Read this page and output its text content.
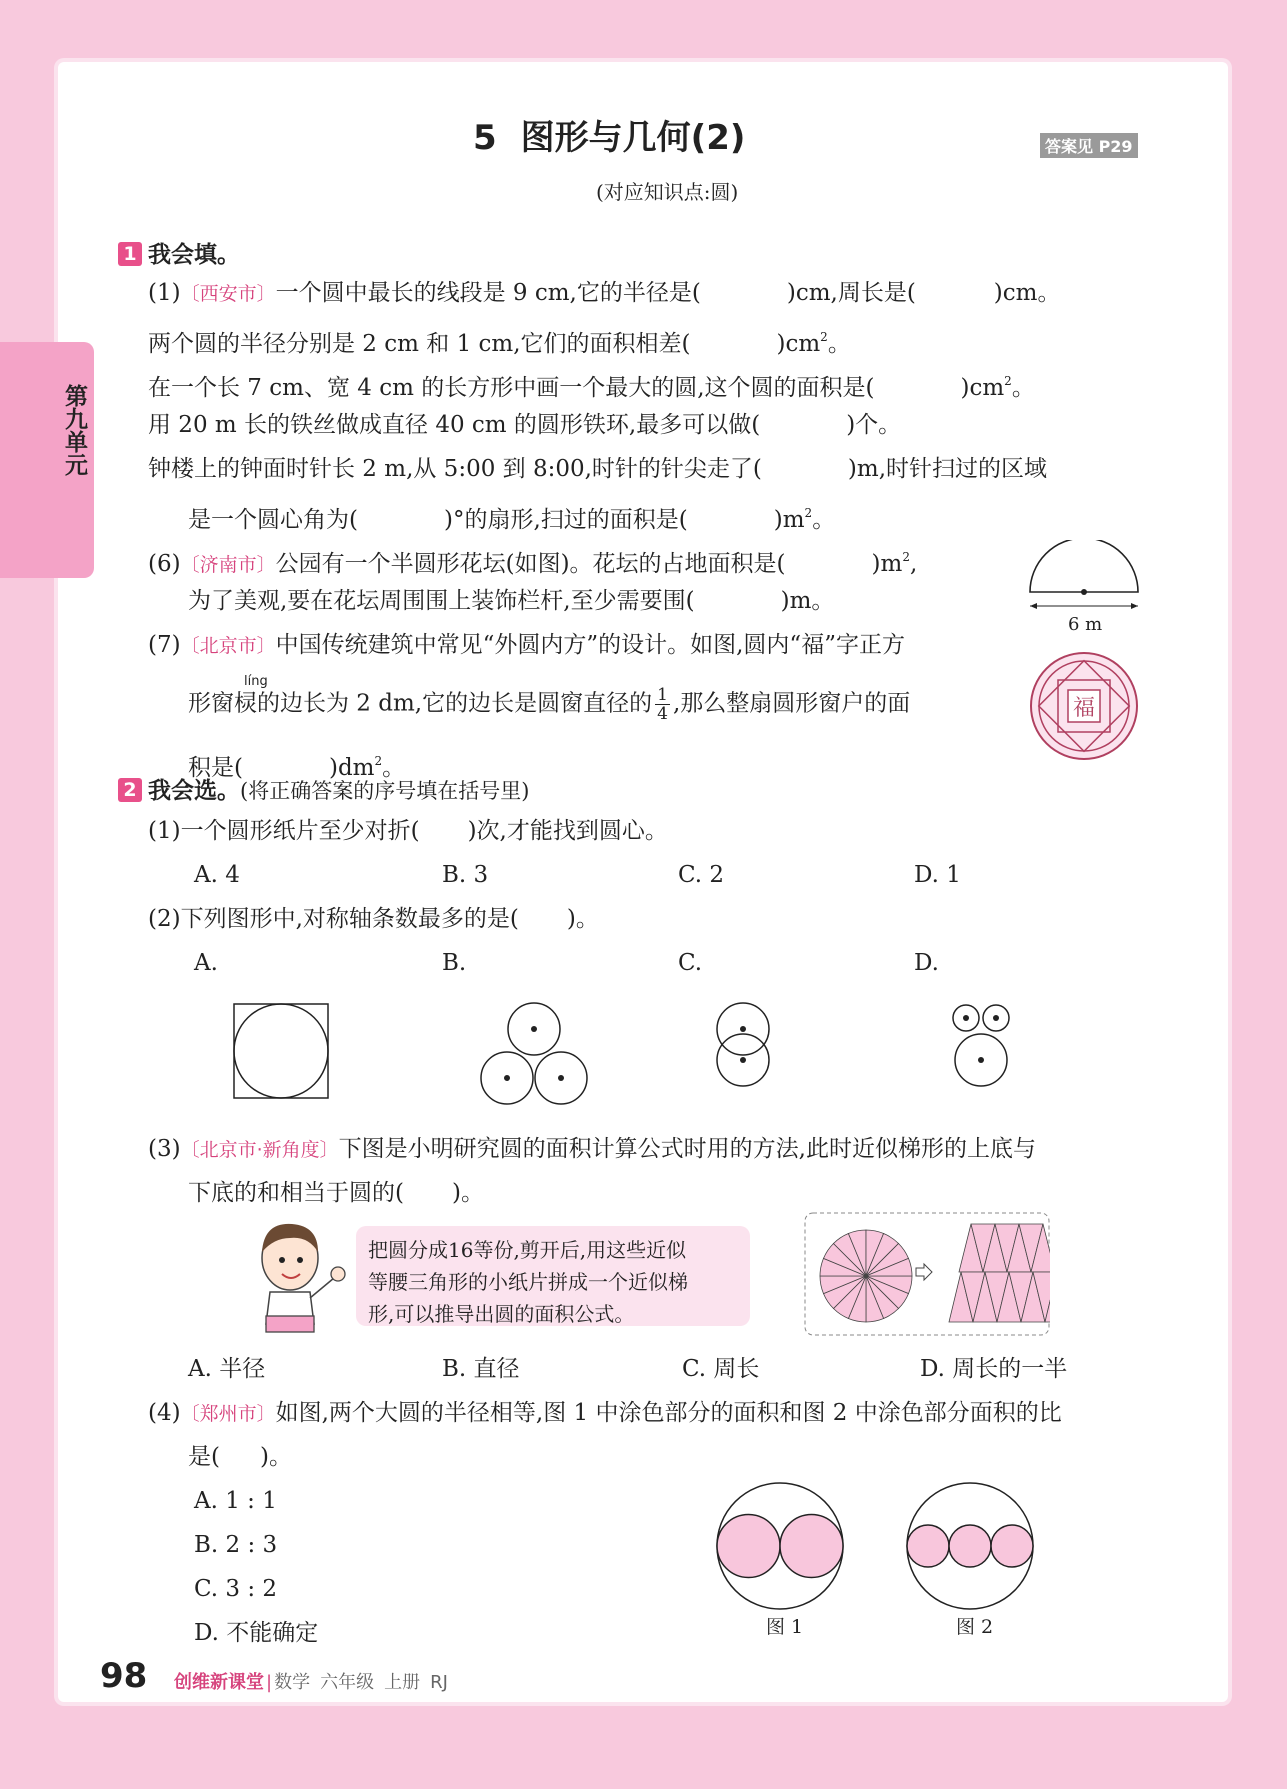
5 图形与几何(2)	答案见 P29
(对应知识点:圆)
1 我会填。
(1)〔西安市〕一个圆中最长的线段是 9 cm,它的半径是(	)cm,周长是(	)cm。
两个圆的半径分别是 2 cm 和 1 cm,它们的面积相差(	)$cm^2$。
在一个长 7 cm、宽 4 cm 的长方形中画一个最大的圆,这个圆的面积是(	)$cm^2$。
用 20 m 长的铁丝做成直径 40 cm 的圆形铁环,最多可以做(	)个。
钟楼上的钟面时针长 2 m,从 5:00 到 8:00,时针的针尖走了(	)m,时针扫过的区域
是一个圆心角为(	)°的扇形,扫过的面积是(	)$m^2$。
(6)〔济南市〕公园有一个半圆形花坛(如图)。花坛的占地面积是(	)$m^2$,
为了美观,要在花坛周围围上装饰栏杆,至少需要围(	)m。
6 m
(7)〔北京市〕中国传统建筑中常见“外圆内方”的设计。如图,圆内“福”字正方
líng
形窗棂的边长为 2 dm,它的边长是圆窗直径的 $\frac{1}{4}$ ,那么整扇圆形窗户的面
积是(	)$dm^2$。
福
2 我会选。(将正确答案的序号填在括号里)
(1)一个圆形纸片至少对折( )次,才能找到圆心。
A. 4	B. 3	C. 2	D. 1
(2)下列图形中,对称轴条数最多的是( )。
A.	B.	C.	D.
(3)〔北京市·新角度〕下图是小明研究圆的面积计算公式时用的方法,此时近似梯形的上底与
下底的和相当于圆的( )。
把圆分成16等份,剪开后,用这些近似
等腰三角形的小纸片拼成一个近似梯
形,可以推导出圆的面积公式。
A. 半径	B. 直径	C. 周长	D. 周长的一半
(4)〔郑州市〕如图,两个大圆的半径相等,图 1 中涂色部分的面积和图 2 中涂色部分面积的比
是( )。
A. 1 : 1
B. 2 : 3
C. 3 : 2
D. 不能确定	图 1	图 2
98 创维新课堂 | 数学 六年级 上册 RJ
第九单元
